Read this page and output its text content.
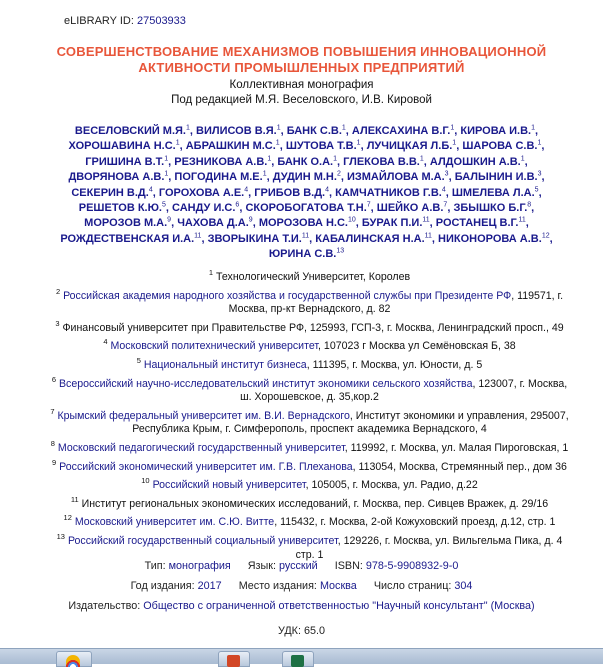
eLIBRARY ID: 27503933
СОВЕРШЕНСТВОВАНИЕ МЕХАНИЗМОВ ПОВЫШЕНИЯ ИННОВАЦИОННОЙ
АКТИВНОСТИ ПРОМЫШЛЕННЫХ ПРЕДПРИЯТИЙ
Коллективная монография
Под редакцией М.Я. Веселовского, И.В. Кировой
ВЕСЕЛОВСКИЙ М.Я.$^1$, ВИЛИСОВ В.Я.$^1$, БАНК С.В.$^1$, АЛЕКСАХИНА В.Г.$^1$, КИРОВА И.В.$^1$, ХОРОШАВИНА Н.С.$^1$, АБРАШКИН М.С.$^1$, ШУТОВА Т.В.$^1$, ЛУЧИЦКАЯ Л.Б.$^1$, ШАРОВА С.В.$^1$, ГРИШИНА В.Т.$^1$, РЕЗНИКОВА А.В.$^1$, БАНК О.А.$^1$, ГЛЕКОВА В.В.$^1$, АЛДОШКИН А.В.$^1$, ДВОРЯНОВА А.В.$^1$, ПОГОДИНА М.Е.$^1$, ДУДИН М.Н.$^2$, ИЗМАЙЛОВА М.А.$^3$, БАЛЫНИН И.В.$^3$, СЕКЕРИН В.Д.$^4$, ГОРОХОВА А.Е.$^4$, ГРИБОВ В.Д.$^4$, КАМЧАТНИКОВ Г.В.$^4$, ШМЕЛЕВА Л.А.$^5$, РЕШЕТОВ К.Ю.$^5$, САНДУ И.С.$^6$, СКОРОБОГАТОВА Т.Н.$^7$, ШЕЙКО А.В.$^7$, ЗБЫШКО Б.Г.$^8$, МОРОЗОВ М.А.$^9$, ЧАХОВА Д.А.$^9$, МОРОЗОВА Н.С.$^{10}$, БУРАК П.И.$^{11}$, РОСТАНЕЦ В.Г.$^{11}$, РОЖДЕСТВЕНСКАЯ И.А.$^{11}$, ЗВОРЫКИНА Т.И.$^{11}$, КАБАЛИНСКАЯ Н.А.$^{11}$, НИКОНОРОВА А.В.$^{12}$, ЮРИНА С.В.$^{13}$
$^1$ Технологический Университет, Королев
$^2$ Российская академия народного хозяйства и государственной службы при Президенте РФ, 119571, г. Москва, пр-кт Вернадского, д. 82
$^3$ Финансовый университет при Правительстве РФ, 125993, ГСП-3, г. Москва, Ленинградский просп., 49
$^4$ Московский политехнический университет, 107023 г Москва ул Семёновская Б, 38
$^5$ Национальный институт бизнеса, 111395, г. Москва, ул. Юности, д. 5
$^6$ Всероссийский научно-исследовательский институт экономики сельского хозяйства, 123007, г. Москва, ш. Хорошевское, д. 35,кор.2
$^7$ Крымский федеральный университет им. В.И. Вернадского, Институт экономики и управления, 295007, Республика Крым, г. Симферополь, проспект академика Вернадского, 4
$^8$ Московский педагогический государственный университет, 119992, г. Москва, ул. Малая Пироговская, 1
$^9$ Российский экономический университет им. Г.В. Плеханова, 113054, Москва, Стремянный пер., дом 36
$^{10}$ Российский новый университет, 105005, г. Москва, ул. Радио, д.22
$^{11}$ Институт региональных экономических исследований, г. Москва, пер. Сивцев Вражек, д. 29/16
$^{12}$ Московский университет им. С.Ю. Витте, 115432, г. Москва, 2-ой Кожуховский проезд, д.12, стр. 1
$^{13}$ Российский государственный социальный университет, 129226, г. Москва, ул. Вильгельма Пика, д. 4 стр. 1
Тип: монография Язык: русский ISBN: 978-5-9908932-9-0
Год издания: 2017 Место издания: Москва Число страниц: 304
Издательство: Общество с ограниченной ответственностью "Научный консультант" (Москва)
УДК: 65.0
